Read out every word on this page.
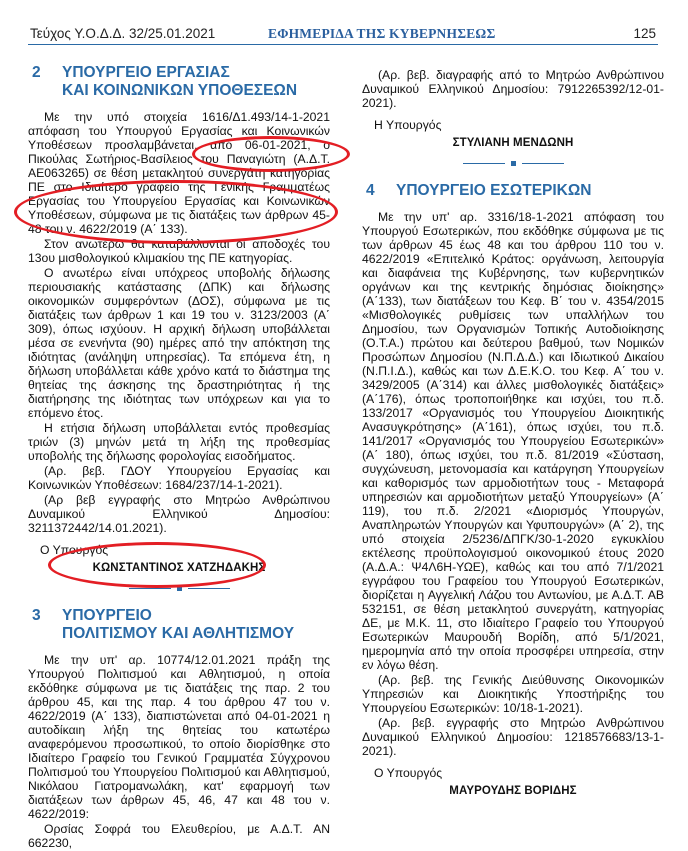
Τεύχος Υ.Ο.Δ.Δ. 32/25.01.2021	ΕΦΗΜΕΡΙΔΑ ΤΗΣ ΚΥΒΕΡΝΗΣΕΩΣ	125
2 ΥΠΟΥΡΓΕΙΟ ΕΡΓΑΣΙΑΣ
ΚΑΙ ΚΟΙΝΩΝΙΚΩΝ ΥΠΟΘΕΣΕΩΝ

Με την υπό στοιχεία 1616/Δ1.493/14-1-2021 απόφαση του Υπουργού Εργασίας και Κοινωνικών Υποθέσεων προσλαμβάνεται, από 06-01-2021, ο Πικούλας Σωτήριος-Βασίλειος του Παναγιώτη (Α.Δ.Τ. ΑΕ063265) σε θέση μετακλητού συνεργάτη κατηγορίας ΠΕ στο Ιδιαίτερο γραφείο της Γενικής Γραμματέως Εργασίας του Υπουργείου Εργασίας και Κοινωνικών Υποθέσεων, σύμφωνα με τις διατάξεις των άρθρων 45-48 του ν. 4622/2019 (Α΄ 133).

Στον ανωτέρω θα καταβάλλονται οι αποδοχές του 13ου μισθολογικού κλιμακίου της ΠΕ κατηγορίας.

Ο ανωτέρω είναι υπόχρεος υποβολής δήλωσης περιουσιακής κατάστασης (ΔΠΚ) και δήλωσης οικονομικών συμφερόντων (ΔΟΣ), σύμφωνα με τις διατάξεις των άρθρων 1 και 19 του ν. 3123/2003 (Α΄ 309), όπως ισχύουν. Η αρχική δήλωση υποβάλλεται μέσα σε ενενήντα (90) ημέρες από την απόκτηση της ιδιότητας (ανάληψη υπηρεσίας). Τα επόμενα έτη, η δήλωση υποβάλλεται κάθε χρόνο κατά το διάστημα της θητείας της άσκησης της δραστηριότητας ή της διατήρησης της ιδιότητας των υπόχρεων και για το επόμενο έτος.

Η ετήσια δήλωση υποβάλλεται εντός προθεσμίας τριών (3) μηνών μετά τη λήξη της προθεσμίας υποβολής της δήλωσης φορολογίας εισοδήματος.

(Αρ. βεβ. ΓΔΟΥ Υπουργείου Εργασίας και Κοινωνικών Υποθέσεων: 1684/237/14-1-2021).

(Αρ βεβ εγγραφής στο Μητρώο Ανθρώπινου Δυναμικού Ελληνικού Δημοσίου: 3211372442/14.01.2021).

Ο Υπουργός
ΚΩΝΣΤΑΝΤΙΝΟΣ ΧΑΤΖΗΔΑΚΗΣ
3 ΥΠΟΥΡΓΕΙΟ
ΠΟΛΙΤΙΣΜΟΥ ΚΑΙ ΑΘΛΗΤΙΣΜΟΥ

Με την υπ' αρ. 10774/12.01.2021 πράξη της Υπουργού Πολιτισμού και Αθλητισμού, η οποία εκδόθηκε σύμφωνα με τις διατάξεις της παρ. 2 του άρθρου 45, και της παρ. 4 του άρθρου 47 του ν. 4622/2019 (Α΄ 133), διαπιστώνεται από 04-01-2021 η αυτοδίκαιη λήξη της θητείας του κατωτέρω αναφερόμενου προσωπικού, το οποίο διορίσθηκε στο Ιδιαίτερο Γραφείο του Γενικού Γραμματέα Σύγχρονου Πολιτισμού του Υπουργείου Πολιτισμού και Αθλητισμού, Νικόλαου Γιατρομανωλάκη, κατ' εφαρμογή των διατάξεων των άρθρων 45, 46, 47 και 48 του ν. 4622/2019:

Ορσίας Σοφρά του Ελευθερίου, με Α.Δ.Τ. ΑΝ 662230,

(Αρ. βεβ. διαγραφής από το Μητρώο Ανθρώπινου Δυναμικού Ελληνικού Δημοσίου: 7912265392/12-01-2021).

Η Υπουργός
ΣΤΥΛΙΑΝΗ ΜΕΝΔΩΝΗ
4 ΥΠΟΥΡΓΕΙΟ ΕΣΩΤΕΡΙΚΩΝ

Με την υπ' αρ. 3316/18-1-2021 απόφαση του Υπουργού Εσωτερικών, που εκδόθηκε σύμφωνα με τις των άρθρων 45 έως 48 και του άρθρου 110 του ν. 4622/2019 «Επιτελικό Κράτος: οργάνωση, λειτουργία και διαφάνεια της Κυβέρνησης, των κυβερνητικών οργάνων και της κεντρικής δημόσιας διοίκησης» (Α΄133), των διατάξεων του Κεφ. Β΄ του ν. 4354/2015 «Μισθολογικές ρυθμίσεις των υπαλλήλων του Δημοσίου, των Οργανισμών Τοπικής Αυτοδιοίκησης (Ο.Τ.Α.) πρώτου και δεύτερου βαθμού, των Νομικών Προσώπων Δημοσίου (Ν.Π.Δ.Δ.) και Ιδιωτικού Δικαίου (Ν.Π.Ι.Δ.), καθώς και των Δ.Ε.Κ.Ο. του Κεφ. Α΄ του ν. 3429/2005 (Α΄314) και άλλες μισθολογικές διατάξεις» (Α΄176), όπως τροποποιήθηκε και ισχύει, του π.δ. 133/2017 «Οργανισμός του Υπουργείου Διοικητικής Ανασυγκρότησης» (Α΄161), όπως ισχύει, του π.δ. 141/2017 «Οργανισμός του Υπουργείου Εσωτερικών» (Α΄ 180), όπως ισχύει, του π.δ. 81/2019 «Σύσταση, συγχώνευση, μετονομασία και κατάργηση Υπουργείων και καθορισμός των αρμοδιοτήτων τους - Μεταφορά υπηρεσιών και αρμοδιοτήτων μεταξύ Υπουργείων» (Α΄ 119), του π.δ. 2/2021 «Διορισμός Υπουργών, Αναπληρωτών Υπουργών και Υφυπουργών» (Α΄ 2), της υπό στοιχεία 2/5236/ΔΠΓΚ/30-1-2020 εγκυκλίου εκτέλεσης προϋπολογισμού οικονομικού έτους 2020 (Α.Δ.Α.: Ψ4Λ6Η-ΥΩΕ), καθώς και του από 7/1/2021 εγγράφου του Γραφείου του Υπουργού Εσωτερικών, διορίζεται η Αγγελική Λάζου του Αντωνίου, με Α.Δ.Τ. ΑΒ 532151, σε θέση μετακλητού συνεργάτη, κατηγορίας ΔΕ, με Μ.Κ. 11, στο Ιδιαίτερο Γραφείο του Υπουργού Εσωτερικών Μαυρουδή Βορίδη, από 5/1/2021, ημερομηνία από την οποία προσφέρει υπηρεσία, στην εν λόγω θέση.

(Αρ. βεβ. της Γενικής Διεύθυνσης Οικονομικών Υπηρεσιών και Διοικητικής Υποστήριξης του Υπουργείου Εσωτερικών: 10/18-1-2021).

(Αρ. βεβ. εγγραφής στο Μητρώο Ανθρώπινου Δυναμικού Ελληνικού Δημοσίου: 1218576683/13-1-2021).

Ο Υπουργός
ΜΑΥΡΟΥΔΗΣ ΒΟΡΙΔΗΣ
